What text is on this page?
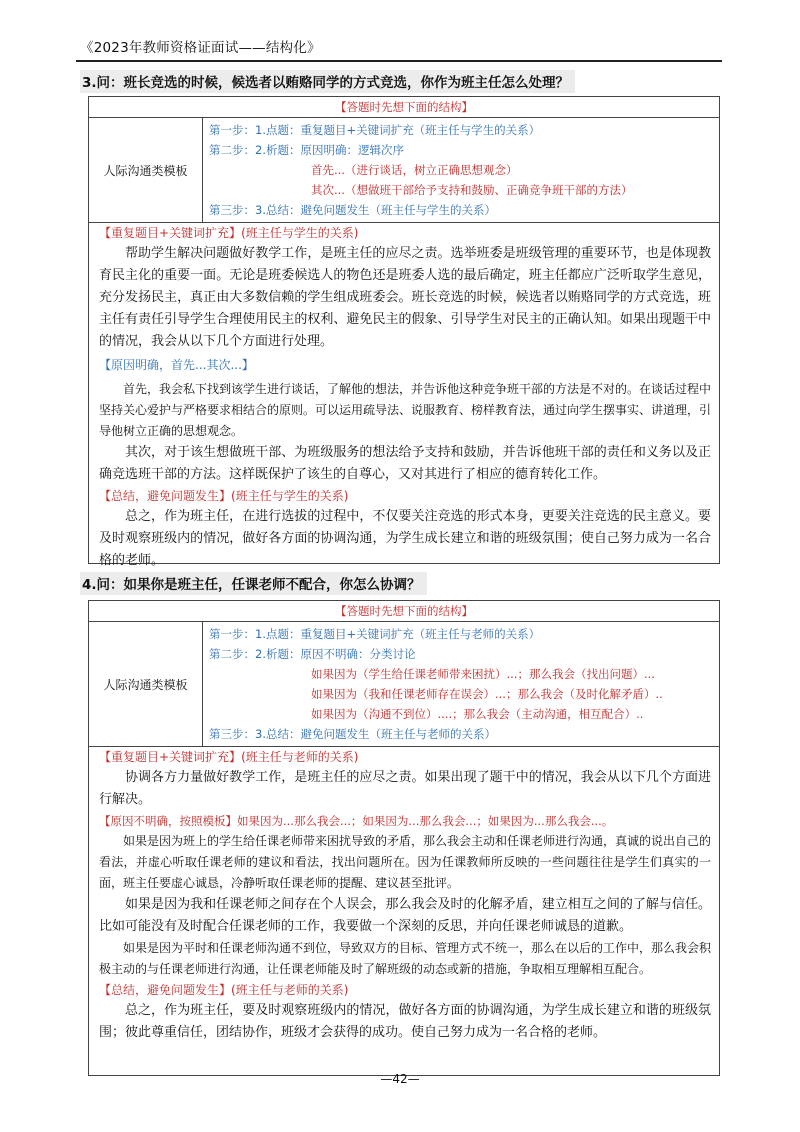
《2023年教师资格证面试——结构化》
3.问：班长竞选的时候，候选者以贿赂同学的方式竞选，你作为班主任怎么处理？
【答题时先想下面的结构】
人际沟通类模板
第一步：1.点题：重复题目+关键词扩充（班主任与学生的关系）
第二步：2.析题：原因明确：逻辑次序
首先...（进行谈话，树立正确思想观念）
其次...（想做班干部给予支持和鼓励、正确竞争班干部的方法）
第三步：3.总结：避免问题发生（班主任与学生的关系）
【重复题目+关键词扩充】(班主任与学生的关系)

帮助学生解决问题做好教学工作，是班主任的应尽之责。选举班委是班级管理的重要环节，也是体现教育民主化的重要一面。无论是班委候选人的物色还是班委人选的最后确定，班主任都应广泛听取学生意见，充分发扬民主，真正由大多数信赖的学生组成班委会。班长竞选的时候，候选者以贿赂同学的方式竞选，班主任有责任引导学生合理使用民主的权利、避免民主的假象、引导学生对民主的正确认知。如果出现题干中的情况，我会从以下几个方面进行处理。

【原因明确，首先...其次...】

首先，我会私下找到该学生进行谈话，了解他的想法，并告诉他这种竞争班干部的方法是不对的。在谈话过程中坚持关心爱护与严格要求相结合的原则。可以运用疏导法、说服教育、榜样教育法，通过向学生摆事实、讲道理，引导他树立正确的思想观念。

其次，对于该生想做班干部、为班级服务的想法给予支持和鼓励，并告诉他班干部的责任和义务以及正确竞选班干部的方法。这样既保护了该生的自尊心，又对其进行了相应的德育转化工作。

【总结，避免问题发生】(班主任与学生的关系)

总之，作为班主任，在进行选拔的过程中，不仅要关注竞选的形式本身，更要关注竞选的民主意义。要及时观察班级内的情况，做好各方面的协调沟通，为学生成长建立和谐的班级氛围；使自己努力成为一名合格的老师。

4.问：如果你是班主任，任课老师不配合，你怎么协调？
【答题时先想下面的结构】
人际沟通类模板
第一步：1.点题：重复题目+关键词扩充（班主任与老师的关系）
第二步：2.析题：原因不明确：分类讨论
如果因为（学生给任课老师带来困扰）...；那么我会（找出问题）...
如果因为（我和任课老师存在误会）...；那么我会（及时化解矛盾）..
如果因为（沟通不到位）....；那么我会（主动沟通，相互配合）..
第三步：3.总结：避免问题发生（班主任与老师的关系）
【重复题目+关键词扩充】(班主任与老师的关系)

协调各方力量做好教学工作，是班主任的应尽之责。如果出现了题干中的情况，我会从以下几个方面进行解决。

【原因不明确，按照模板】如果因为...那么我会...；如果因为...那么我会...；如果因为...那么我会...。

如果是因为班上的学生给任课老师带来困扰导致的矛盾，那么我会主动和任课老师进行沟通，真诚的说出自己的看法，并虚心听取任课老师的建议和看法，找出问题所在。因为任课教师所反映的一些问题往往是学生们真实的一面，班主任要虚心诚恳，冷静听取任课老师的提醒、建议甚至批评。

如果是因为我和任课老师之间存在个人误会，那么我会及时的化解矛盾，建立相互之间的了解与信任。比如可能没有及时配合任课老师的工作，我要做一个深刻的反思，并向任课老师诚恳的道歉。

如果是因为平时和任课老师沟通不到位，导致双方的目标、管理方式不统一，那么在以后的工作中，那么我会积极主动的与任课老师进行沟通，让任课老师能及时了解班级的动态或新的措施，争取相互理解相互配合。

【总结，避免问题发生】(班主任与老师的关系)

总之，作为班主任，要及时观察班级内的情况，做好各方面的协调沟通，为学生成长建立和谐的班级氛围；彼此尊重信任，团结协作，班级才会获得的成功。使自己努力成为一名合格的老师。

—42—
